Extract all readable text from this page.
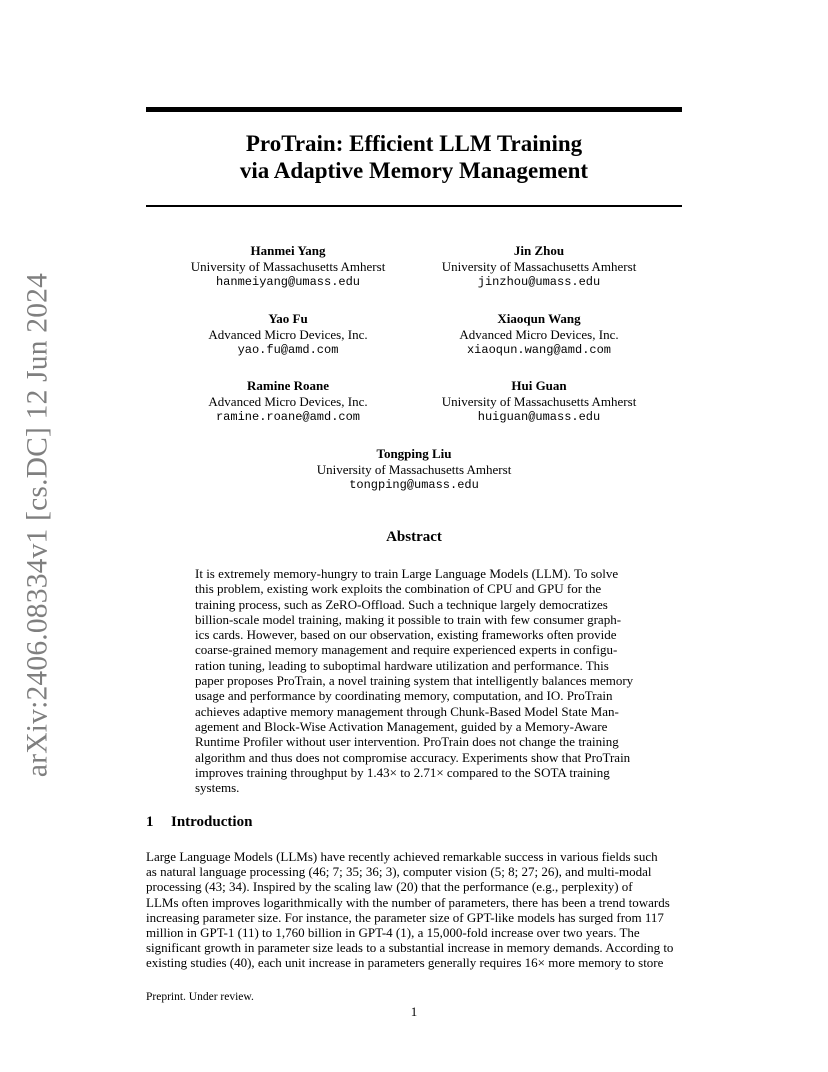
arXiv:2406.08334v1 [cs.DC] 12 Jun 2024
ProTrain: Efficient LLM Training
via Adaptive Memory Management
Hanmei Yang
University of Massachusetts Amherst
hanmeiyang@umass.edu
Jin Zhou
University of Massachusetts Amherst
jinzhou@umass.edu
Yao Fu
Advanced Micro Devices, Inc.
yao.fu@amd.com
Xiaoqun Wang
Advanced Micro Devices, Inc.
xiaoqun.wang@amd.com
Ramine Roane
Advanced Micro Devices, Inc.
ramine.roane@amd.com
Hui Guan
University of Massachusetts Amherst
huiguan@umass.edu
Tongping Liu
University of Massachusetts Amherst
tongping@umass.edu
Abstract
It is extremely memory-hungry to train Large Language Models (LLM). To solve
this problem, existing work exploits the combination of CPU and GPU for the
training process, such as ZeRO-Offload. Such a technique largely democratizes
billion-scale model training, making it possible to train with few consumer graph-
ics cards. However, based on our observation, existing frameworks often provide
coarse-grained memory management and require experienced experts in configu-
ration tuning, leading to suboptimal hardware utilization and performance. This
paper proposes ProTrain, a novel training system that intelligently balances memory
usage and performance by coordinating memory, computation, and IO. ProTrain
achieves adaptive memory management through Chunk-Based Model State Man-
agement and Block-Wise Activation Management, guided by a Memory-Aware
Runtime Profiler without user intervention. ProTrain does not change the training
algorithm and thus does not compromise accuracy. Experiments show that ProTrain
improves training throughput by 1.43× to 2.71× compared to the SOTA training
systems.
1 Introduction
Large Language Models (LLMs) have recently achieved remarkable success in various fields such
as natural language processing (46; 7; 35; 36; 3), computer vision (5; 8; 27; 26), and multi-modal
processing (43; 34). Inspired by the scaling law (20) that the performance (e.g., perplexity) of
LLMs often improves logarithmically with the number of parameters, there has been a trend towards
increasing parameter size. For instance, the parameter size of GPT-like models has surged from 117
million in GPT-1 (11) to 1,760 billion in GPT-4 (1), a 15,000-fold increase over two years. The
significant growth in parameter size leads to a substantial increase in memory demands. According to
existing studies (40), each unit increase in parameters generally requires 16× more memory to store
Preprint. Under review.
1
